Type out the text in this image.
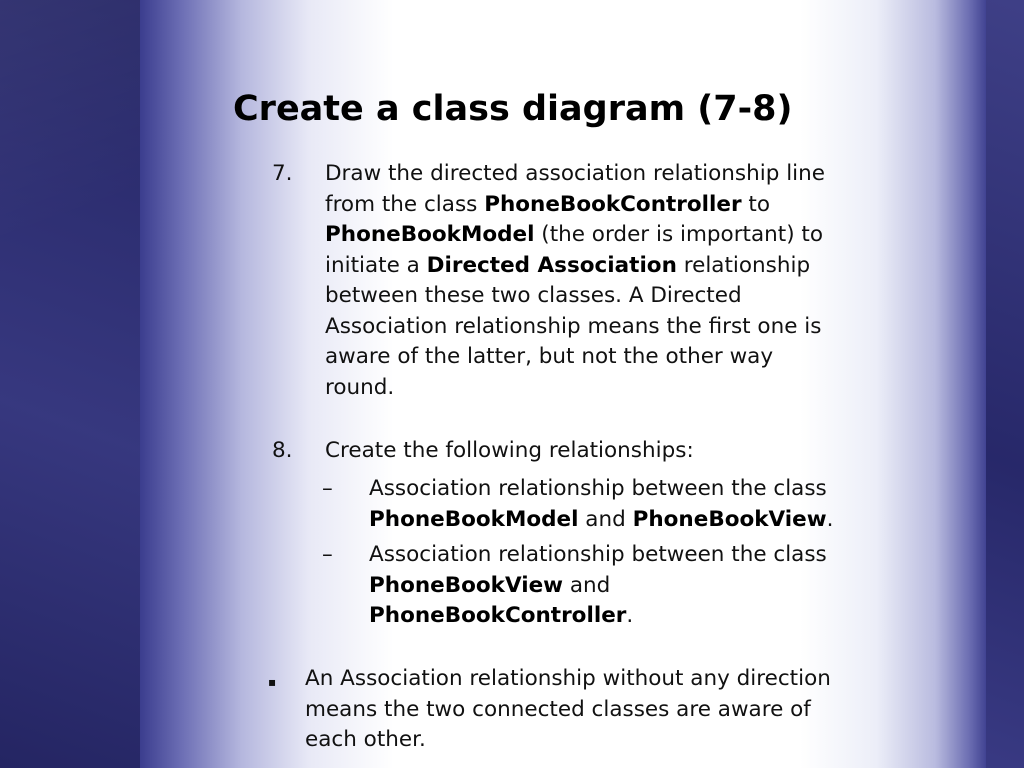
Create a class diagram (7-8)
7. Draw the directed association relationship line
from the class PhoneBookController to
PhoneBookModel (the order is important) to
initiate a Directed Association relationship
between these two classes. A Directed
Association relationship means the first one is
aware of the latter, but not the other way
round.
8. Create the following relationships:
– Association relationship between the class
PhoneBookModel and PhoneBookView.
– Association relationship between the class
PhoneBookView and
PhoneBookController.
▪ An Association relationship without any direction
means the two connected classes are aware of
each other.
